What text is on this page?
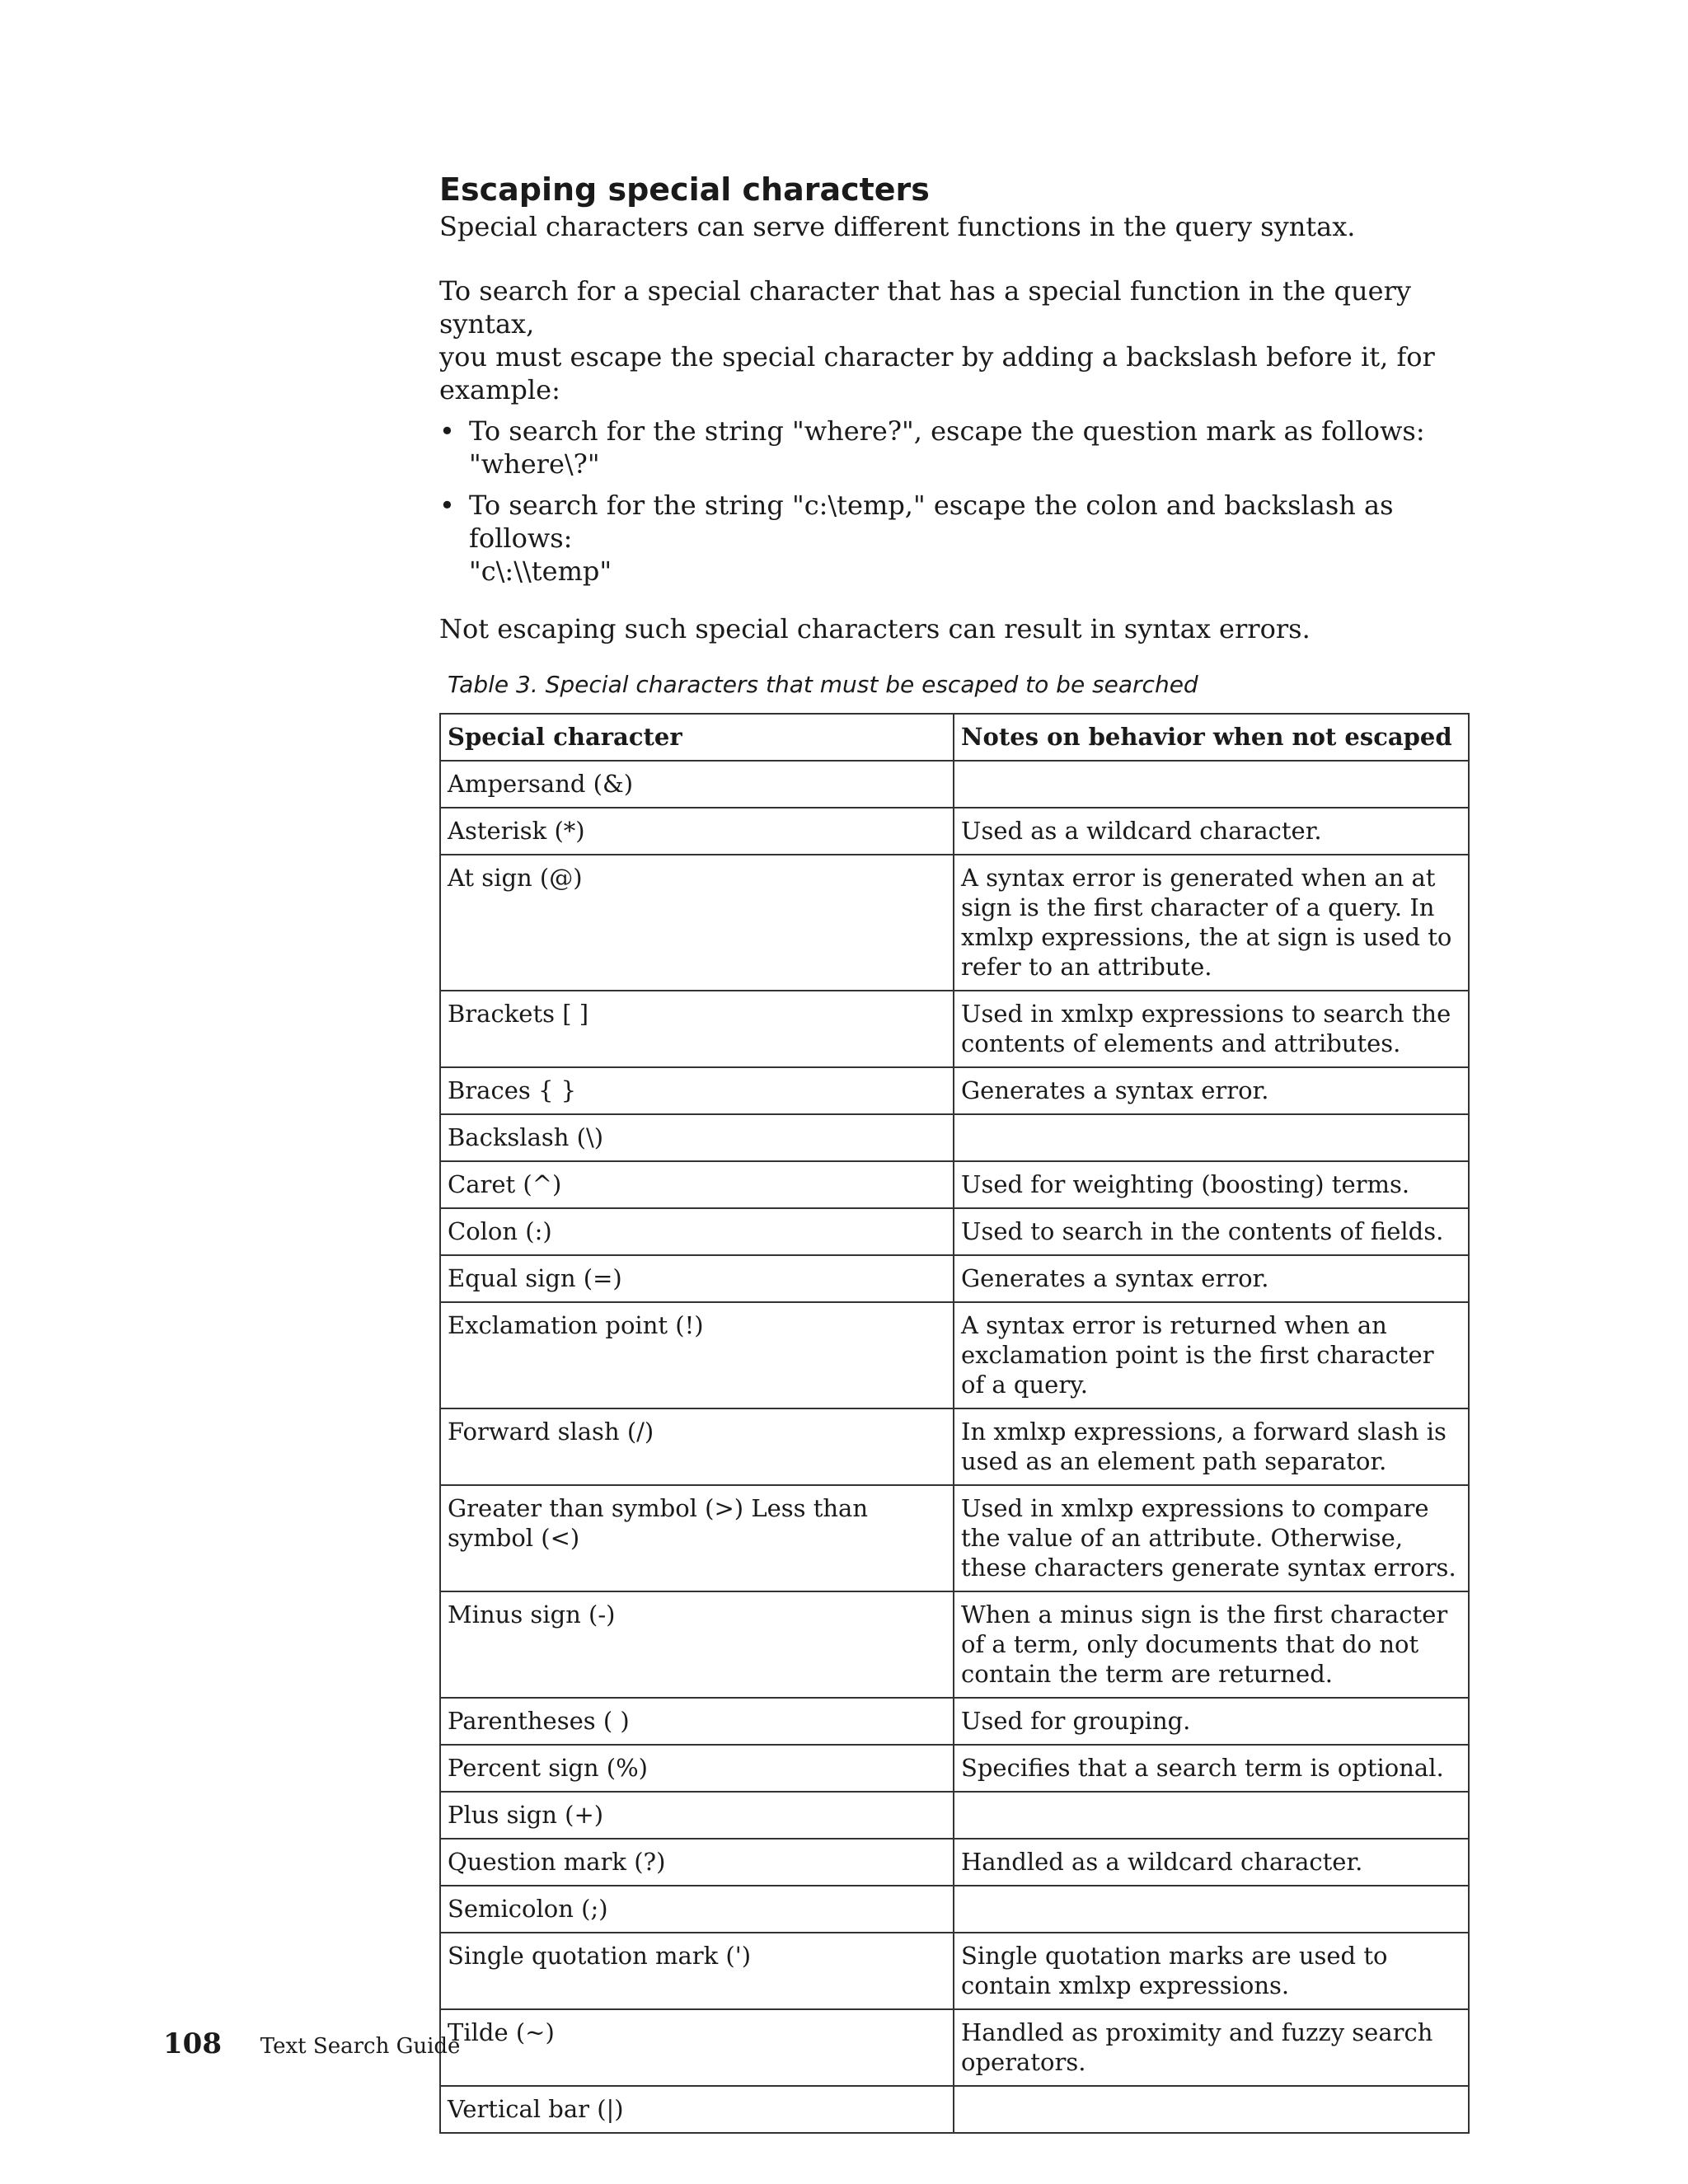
Escaping special characters

Special characters can serve different functions in the query syntax.

To search for a special character that has a special function in the query syntax,
you must escape the special character by adding a backslash before it, for example:

• To search for the string "where?", escape the question mark as follows:
"where\?"
• To search for the string "c:\temp," escape the colon and backslash as follows:
"c\:\\temp"

Not escaping such special characters can result in syntax errors.

Table 3. Special characters that must be escaped to be searched
Special character	Notes on behavior when not escaped
Ampersand (&)	
Asterisk (*)	Used as a wildcard character.
At sign (@)	A syntax error is generated when an at sign is the first character of a query. In xmlxp expressions, the at sign is used to refer to an attribute.
Brackets [ ]	Used in xmlxp expressions to search the contents of elements and attributes.
Braces { }	Generates a syntax error.
Backslash (\)	
Caret (^)	Used for weighting (boosting) terms.
Colon (:)	Used to search in the contents of fields.
Equal sign (=)	Generates a syntax error.
Exclamation point (!)	A syntax error is returned when an exclamation point is the first character of a query.
Forward slash (/)	In xmlxp expressions, a forward slash is used as an element path separator.
Greater than symbol (>) Less than symbol (<)	Used in xmlxp expressions to compare the value of an attribute. Otherwise, these characters generate syntax errors.
Minus sign (-)	When a minus sign is the first character of a term, only documents that do not contain the term are returned.
Parentheses ( )	Used for grouping.
Percent sign (%)	Specifies that a search term is optional.
Plus sign (+)	
Question mark (?)	Handled as a wildcard character.
Semicolon (;)	
Single quotation mark (')	Single quotation marks are used to contain xmlxp expressions.
Tilde (~)	Handled as proximity and fuzzy search operators.
Vertical bar (|)	
108 Text Search Guide
